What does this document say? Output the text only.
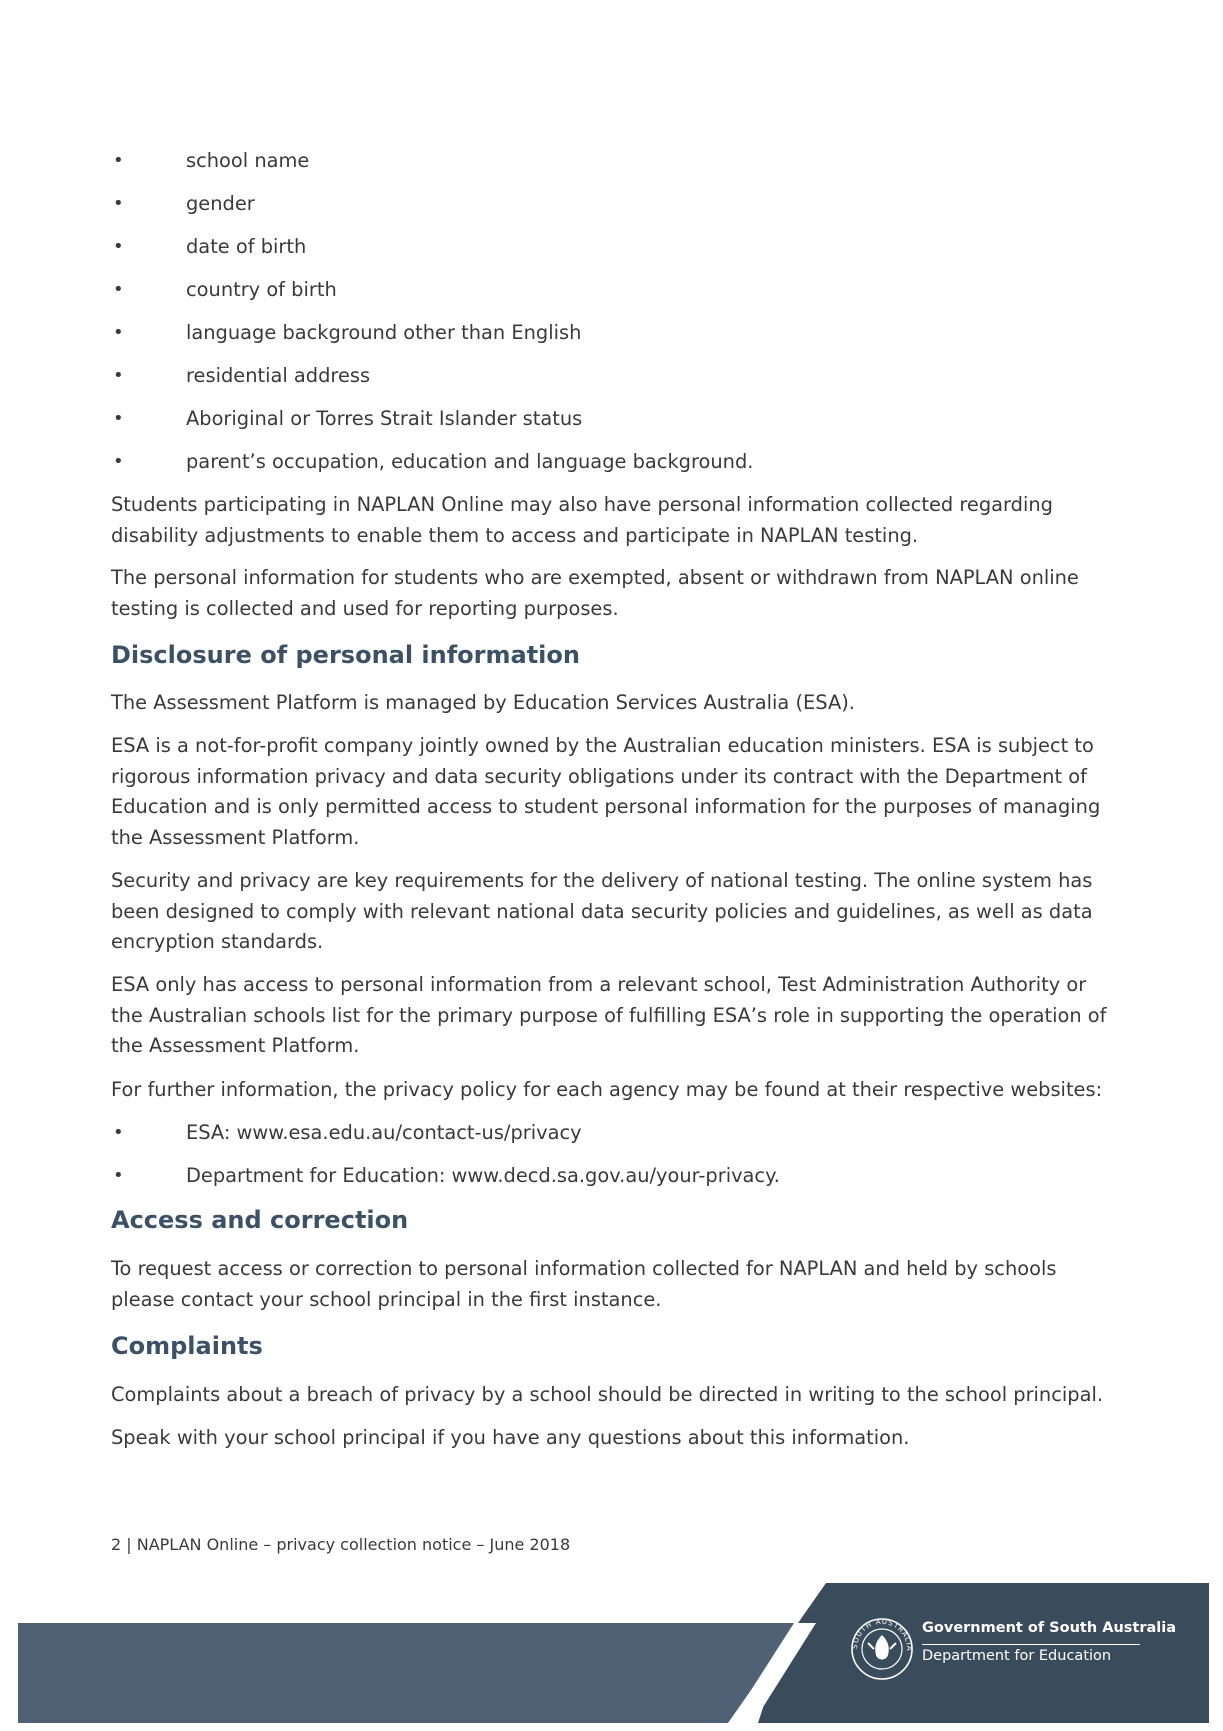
• school name
• gender
• date of birth
• country of birth
• language background other than English
• residential address
• Aboriginal or Torres Strait Islander status
• parent’s occupation, education and language background.

Students participating in NAPLAN Online may also have personal information collected regarding disability adjustments to enable them to access and participate in NAPLAN testing.

The personal information for students who are exempted, absent or withdrawn from NAPLAN online testing is collected and used for reporting purposes.

Disclosure of personal information

The Assessment Platform is managed by Education Services Australia (ESA).

ESA is a not-for-profit company jointly owned by the Australian education ministers. ESA is subject to rigorous information privacy and data security obligations under its contract with the Department of Education and is only permitted access to student personal information for the purposes of managing the Assessment Platform.

Security and privacy are key requirements for the delivery of national testing. The online system has been designed to comply with relevant national data security policies and guidelines, as well as data encryption standards.

ESA only has access to personal information from a relevant school, Test Administration Authority or the Australian schools list for the primary purpose of fulfilling ESA’s role in supporting the operation of the Assessment Platform.

For further information, the privacy policy for each agency may be found at their respective websites:

• ESA: www.esa.edu.au/contact-us/privacy
• Department for Education: www.decd.sa.gov.au/your-privacy.
Access and correction

To request access or correction to personal information collected for NAPLAN and held by schools please contact your school principal in the first instance.

Complaints

Complaints about a breach of privacy by a school should be directed in writing to the school principal.

Speak with your school principal if you have any questions about this information.

2 | NAPLAN Online – privacy collection notice – June 2018
SOUTH AUSTRALIA
Government of South Australia
Department for Education
